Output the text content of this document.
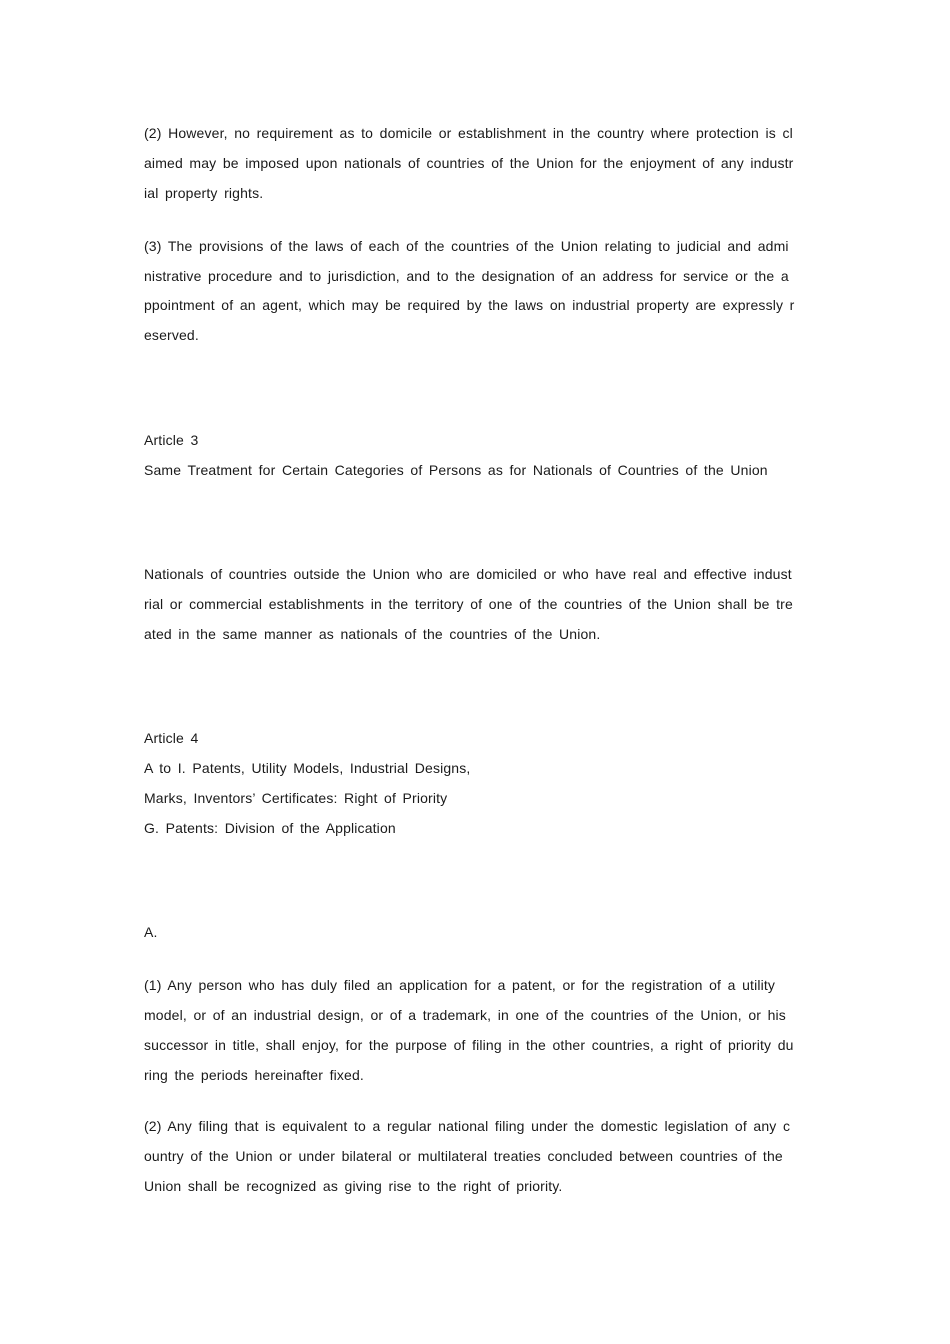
(2) However, no requirement as to domicile or establishment in the country where protection is cl
aimed may be imposed upon nationals of countries of the Union for the enjoyment of any industr
ial property rights.
(3) The provisions of the laws of each of the countries of the Union relating to judicial and admi
nistrative procedure and to jurisdiction, and to the designation of an address for service or the a
ppointment of an agent, which may be required by the laws on industrial property are expressly r
eserved.
Article 3
Same Treatment for Certain Categories of Persons as for Nationals of Countries of the Union
Nationals of countries outside the Union who are domiciled or who have real and effective indust
rial or commercial establishments in the territory of one of the countries of the Union shall be tre
ated in the same manner as nationals of the countries of the Union.
Article 4
A to I. Patents, Utility Models, Industrial Designs,
Marks, Inventors’ Certificates: Right of Priority
G. Patents: Division of the Application
A.
(1) Any person who has duly filed an application for a patent, or for the registration of a utility
model, or of an industrial design, or of a trademark, in one of the countries of the Union, or his
successor in title, shall enjoy, for the purpose of filing in the other countries, a right of priority du
ring the periods hereinafter fixed.
(2) Any filing that is equivalent to a regular national filing under the domestic legislation of any c
ountry of the Union or under bilateral or multilateral treaties concluded between countries of the
Union shall be recognized as giving rise to the right of priority.
